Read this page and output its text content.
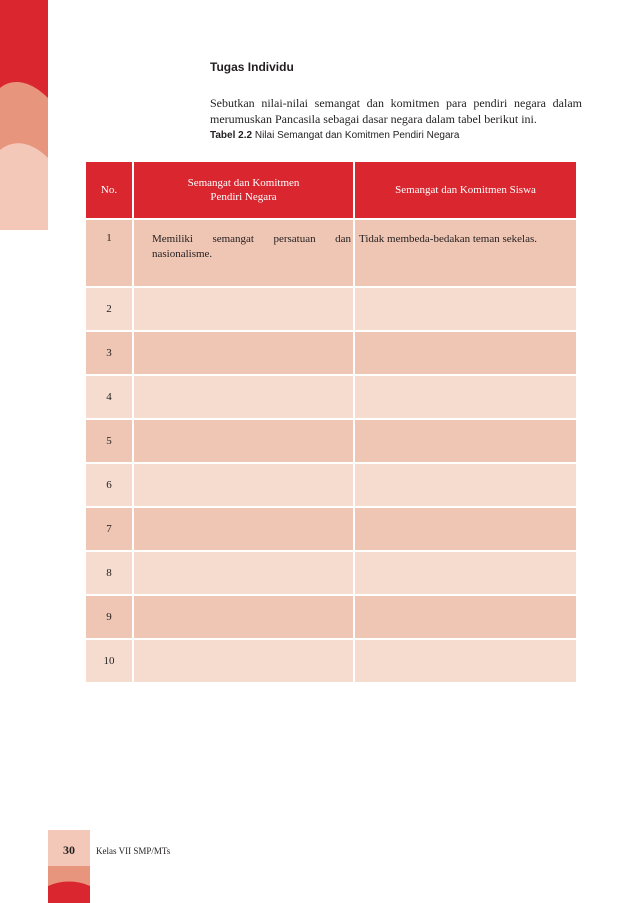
Tugas Individu
Sebutkan nilai-nilai semangat dan komitmen para pendiri negara dalam merumuskan Pancasila sebagai dasar negara dalam tabel berikut ini.
Tabel 2.2 Nilai Semangat dan Komitmen Pendiri Negara
No.	Semangat dan Komitmen Pendiri Negara	Semangat dan Komitmen Siswa
1	Memiliki semangat persatuan dan nasionalisme.	Tidak membeda-bedakan teman sekelas.
2		
3		
4		
5		
6		
7		
8		
9		
10		
30	Kelas VII SMP/MTs
